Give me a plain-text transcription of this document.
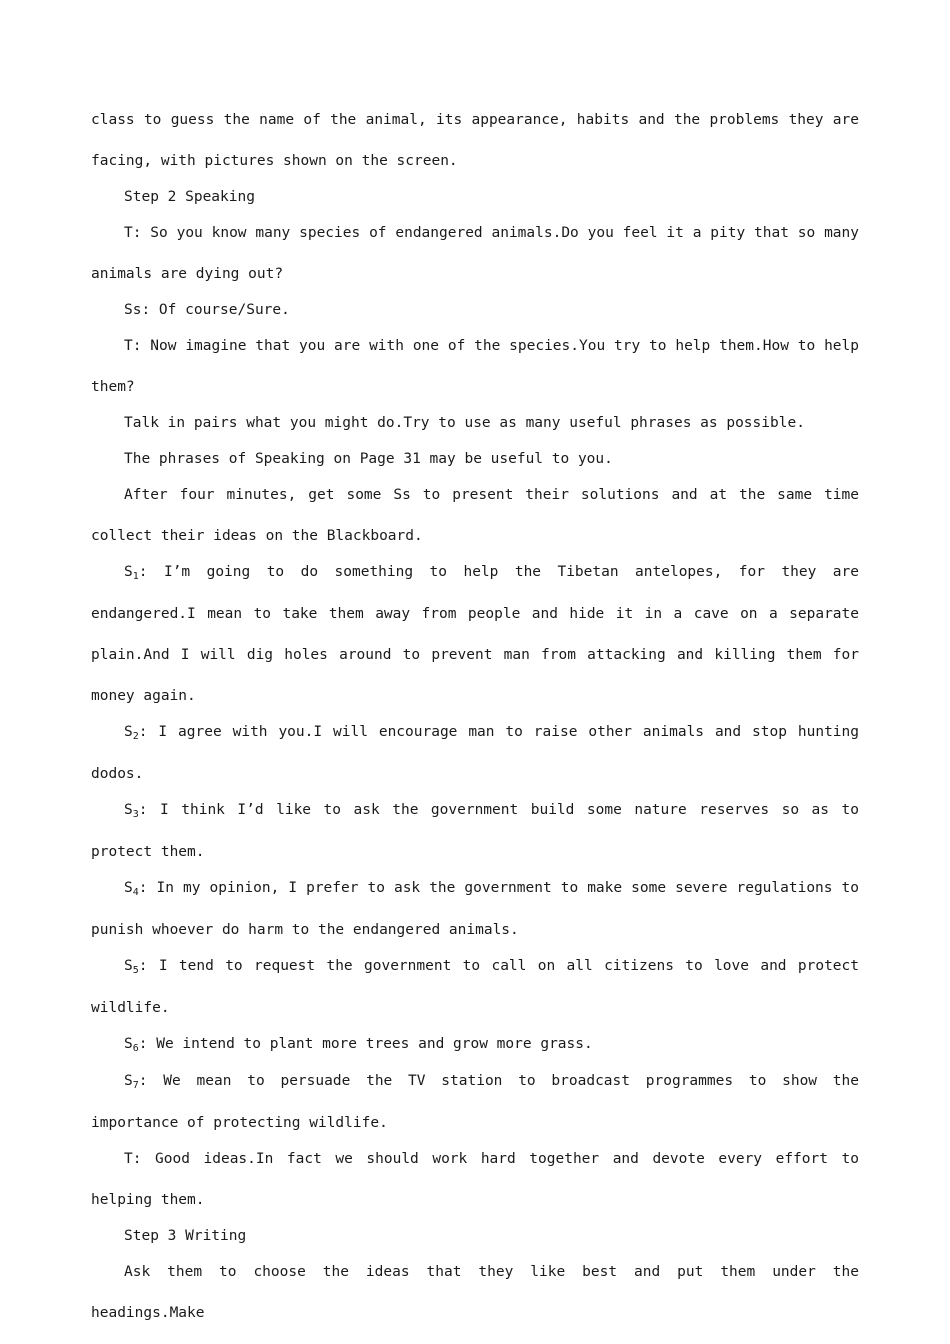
class to guess the name of the animal, its appearance, habits and the problems they are facing, with pictures shown on the screen.

Step 2 Speaking

T: So you know many species of endangered animals.Do you feel it a pity that so many animals are dying out?

Ss: Of course/Sure.

T: Now imagine that you are with one of the species.You try to help them.How to help them?

Talk in pairs what you might do.Try to use as many useful phrases as possible.

The phrases of Speaking on Page 31 may be useful to you.

After four minutes, get some Ss to present their solutions and at the same time collect their ideas on the Blackboard.

$S_1$: I’m going to do something to help the Tibetan antelopes, for they are endangered.I mean to take them away from people and hide it in a cave on a separate plain.And I will dig holes around to prevent man from attacking and killing them for money again.

$S_2$: I agree with you.I will encourage man to raise other animals and stop hunting dodos.

$S_3$: I think I’d like to ask the government build some nature reserves so as to protect them.

$S_4$: In my opinion, I prefer to ask the government to make some severe regulations to punish whoever do harm to the endangered animals.

$S_5$: I tend to request the government to call on all citizens to love and protect wildlife.

$S_6$: We intend to plant more trees and grow more grass.

$S_7$: We mean to persuade the TV station to broadcast programmes to show the importance of protecting wildlife.

T: Good ideas.In fact we should work hard together and devote every effort to helping them.

Step 3 Writing

Ask them to choose the ideas that they like best and put them under the headings.Make
